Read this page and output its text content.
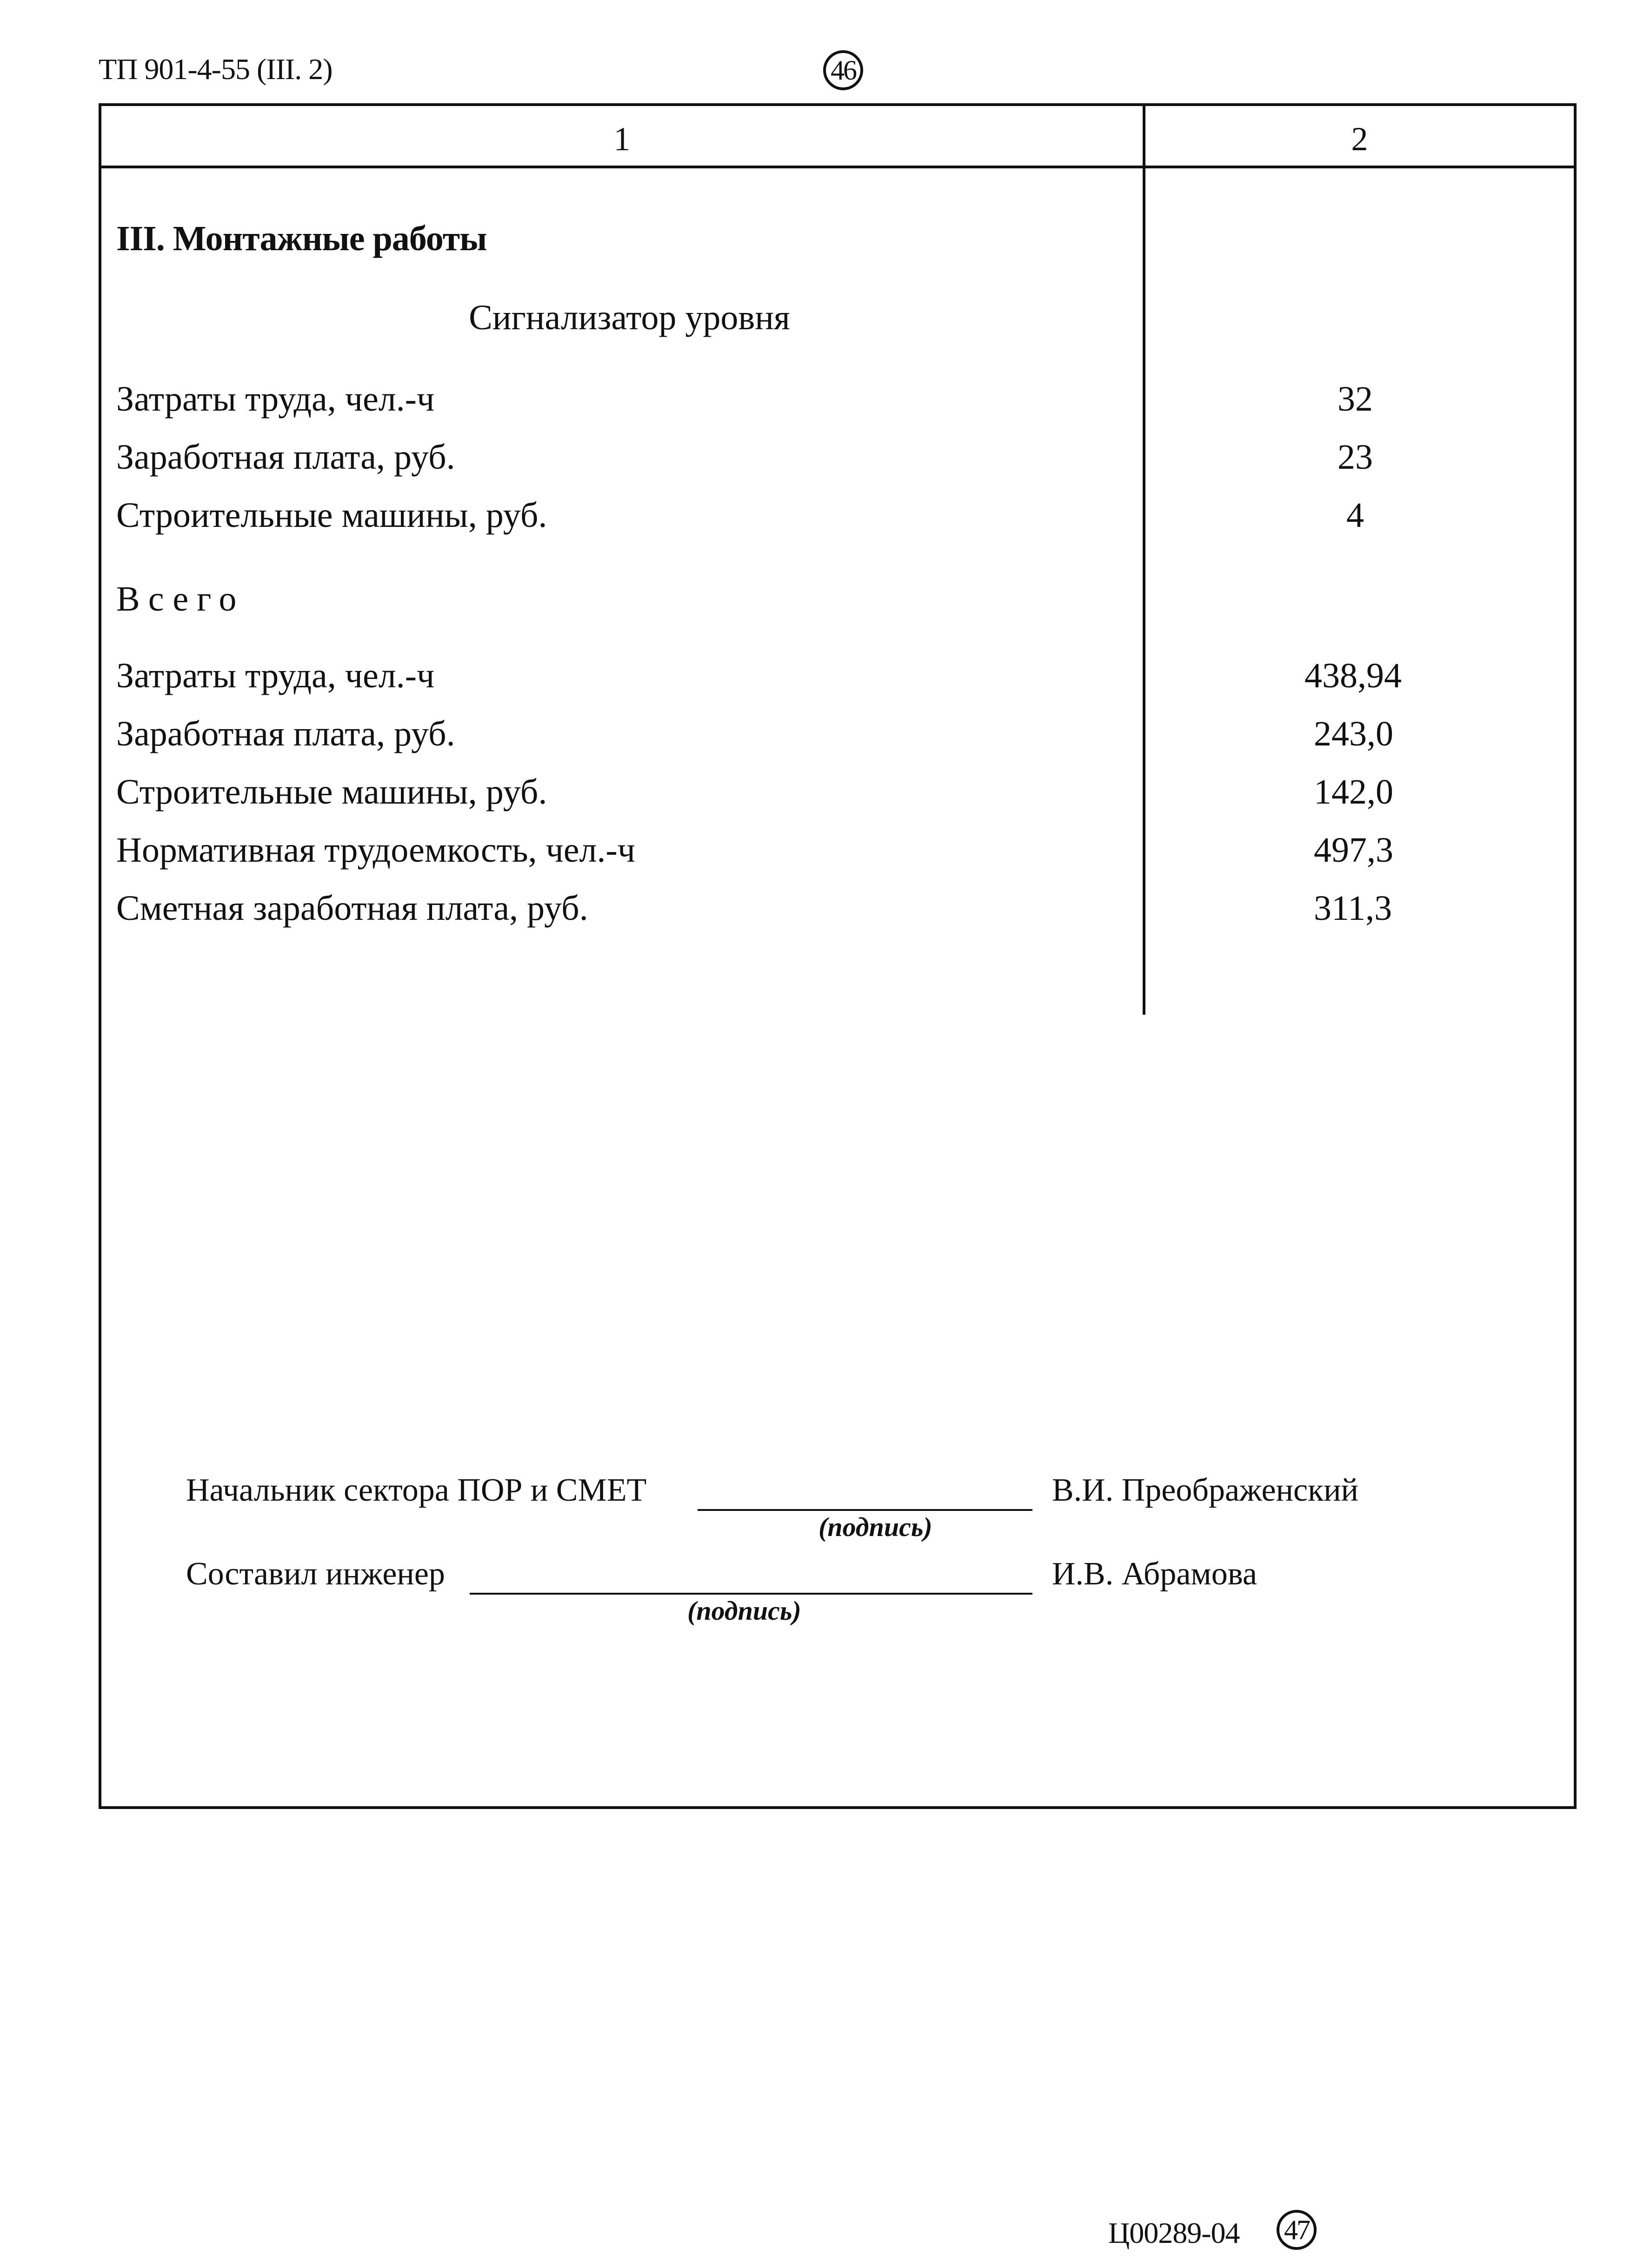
ТП 901-4-55 (III. 2)	46
1	2
III. Монтажные работы
Сигнализатор уровня
Затраты труда, чел.-ч	32
Заработная плата, руб.	23
Строительные машины, руб.	4
Всего
Затраты труда, чел.-ч	438,94
Заработная плата, руб.	243,0
Строительные машины, руб.	142,0
Нормативная трудоемкость, чел.-ч	497,3
Сметная заработная плата, руб.	311,3
Начальник сектора ПОР и СМЕТ	В.И. Преображенский
(подпись)
Составил инженер	И.В. Абрамова
(подпись)
Ц00289-04 47
